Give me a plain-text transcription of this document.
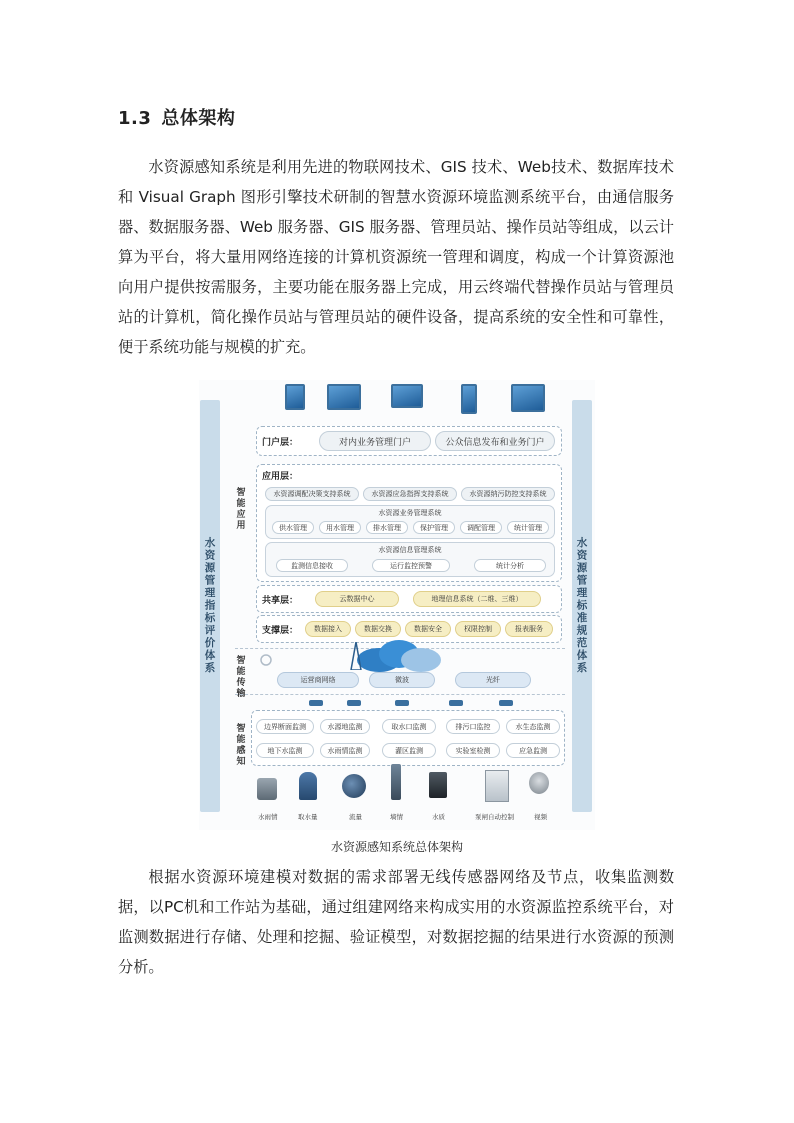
1.3 总体架构

水资源感知系统是利用先进的物联网技术、GIS 技术、Web技术、数据库技术和 Visual Graph 图形引擎技术研制的智慧水资源环境监测系统平台，由通信服务器、数据服务器、Web 服务器、GIS 服务器、管理员站、操作员站等组成，以云计算为平台，将大量用网络连接的计算机资源统一管理和调度，构成一个计算资源池向用户提供按需服务，主要功能在服务器上完成，用云终端代替操作员站与管理员站的计算机，简化操作员站与管理员站的硬件设备，提高系统的安全性和可靠性，便于系统功能与规模的扩充。

水资源管理指标评价体系	水资源管理标准规范体系
智能应用
智能传输
智能感知
门户层：	对内业务管理门户	公众信息发布和业务门户
应用层：
水资源调配决策支持系统	水资源应急指挥支持系统	水资源纳污防控支持系统
水资源业务管理系统
供水管理	用水管理	排水管理	保护管理	调配管理	统计管理
水资源信息管理系统
监测信息接收	运行监控预警	统计分析
共享层：	云数据中心	地理信息系统（二维、三维）
支撑层：	数据接入	数据交换	数据安全	权限控制	报表服务
运营商网络	微波	光纤
边界断面监测	水源地监测	取水口监测	排污口监控	水生态监测
地下水监测	水雨情监测	灌区监测	实验室检测	应急监测
水雨情	取水量	流量	墒情	水质	泵闸自动控制	视频
水资源感知系统总体架构

根据水资源环境建模对数据的需求部署无线传感器网络及节点，收集监测数据，以PC机和工作站为基础，通过组建网络来构成实用的水资源监控系统平台，对监测数据进行存储、处理和挖掘、验证模型，对数据挖掘的结果进行水资源的预测分析。
